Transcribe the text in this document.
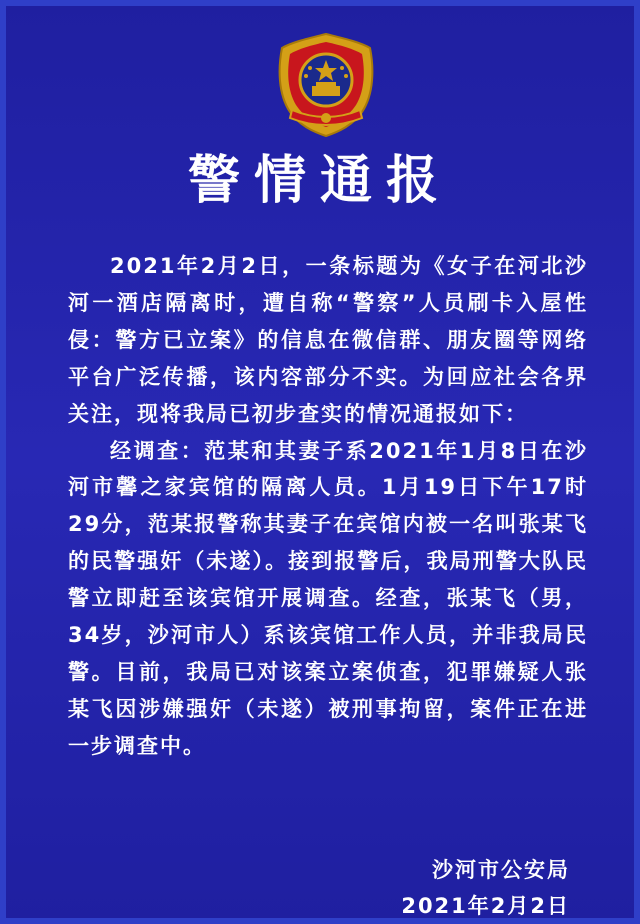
警情通报

2021年2月2日，一条标题为《女子在河北沙河一酒店隔离时，遭自称“警察”人员刷卡入屋性侵：警方已立案》的信息在微信群、朋友圈等网络平台广泛传播，该内容部分不实。为回应社会各界关注，现将我局已初步查实的情况通报如下：

经调查：范某和其妻子系2021年1月8日在沙河市馨之家宾馆的隔离人员。1月19日下午17时29分，范某报警称其妻子在宾馆内被一名叫张某飞的民警强奸（未遂）。接到报警后，我局刑警大队民警立即赶至该宾馆开展调查。经查，张某飞（男，34岁，沙河市人）系该宾馆工作人员，并非我局民警。目前，我局已对该案立案侦查，犯罪嫌疑人张某飞因涉嫌强奸（未遂）被刑事拘留，案件正在进一步调查中。

沙河市公安局
2021年2月2日
